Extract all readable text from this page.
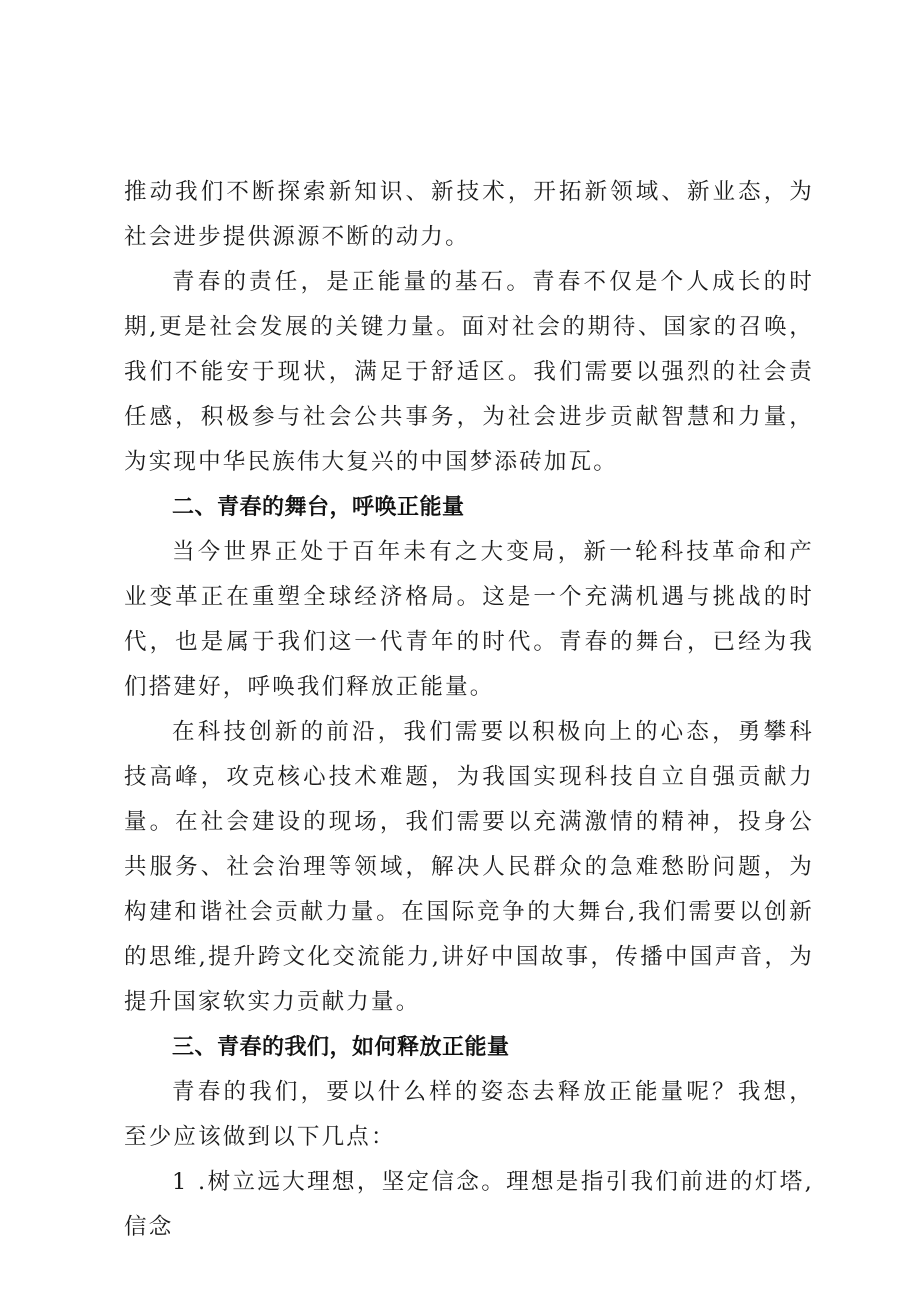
推动我们不断探索新知识、新技术，开拓新领域、新业态，为社会进步提供源源不断的动力。

青春的责任，是正能量的基石。青春不仅是个人成长的时期,更是社会发展的关键力量。面对社会的期待、国家的召唤，我们不能安于现状，满足于舒适区。我们需要以强烈的社会责任感，积极参与社会公共事务，为社会进步贡献智慧和力量，为实现中华民族伟大复兴的中国梦添砖加瓦。

二、青春的舞台，呼唤正能量

当今世界正处于百年未有之大变局，新一轮科技革命和产业变革正在重塑全球经济格局。这是一个充满机遇与挑战的时代，也是属于我们这一代青年的时代。青春的舞台，已经为我们搭建好，呼唤我们释放正能量。

在科技创新的前沿，我们需要以积极向上的心态，勇攀科技高峰，攻克核心技术难题，为我国实现科技自立自强贡献力量。在社会建设的现场，我们需要以充满激情的精神，投身公共服务、社会治理等领域，解决人民群众的急难愁盼问题，为构建和谐社会贡献力量。在国际竞争的大舞台,我们需要以创新的思维,提升跨文化交流能力,讲好中国故事，传播中国声音，为提升国家软实力贡献力量。

三、青春的我们，如何释放正能量

青春的我们，要以什么样的姿态去释放正能量呢？我想，至少应该做到以下几点：

1 .树立远大理想，坚定信念。理想是指引我们前进的灯塔,信念
